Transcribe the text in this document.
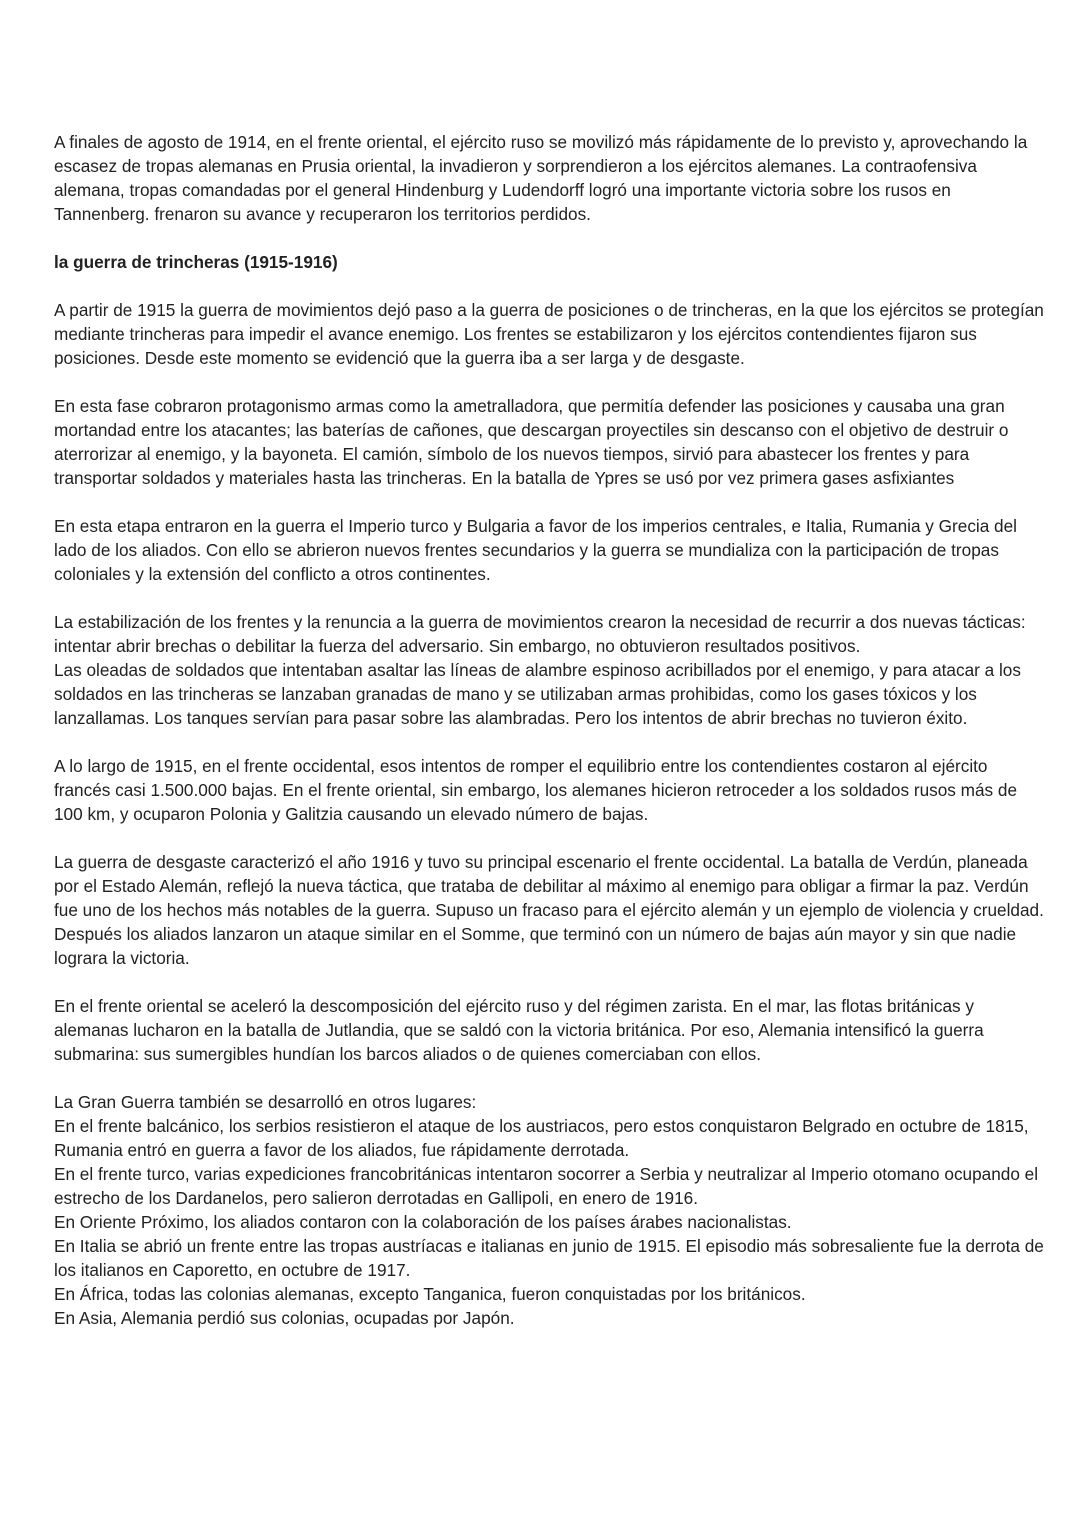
A finales de agosto de 1914, en el frente oriental, el ejército ruso se movilizó más rápidamente de lo previsto y, aprovechando la escasez de tropas alemanas en Prusia oriental, la invadieron y sorprendieron a los ejércitos alemanes. La contraofensiva alemana, tropas comandadas por el general Hindenburg y Ludendorff logró una importante victoria sobre los rusos en Tannenberg. frenaron su avance y recuperaron los territorios perdidos.

la guerra de trincheras (1915-1916)

A partir de 1915 la guerra de movimientos dejó paso a la guerra de posiciones o de trincheras, en la que los ejércitos se protegían mediante trincheras para impedir el avance enemigo. Los frentes se estabilizaron y los ejércitos contendientes fijaron sus posiciones. Desde este momento se evidenció que la guerra iba a ser larga y de desgaste.

En esta fase cobraron protagonismo armas como la ametralladora, que permitía defender las posiciones y causaba una gran mortandad entre los atacantes; las baterías de cañones, que descargan proyectiles sin descanso con el objetivo de destruir o aterrorizar al enemigo, y la bayoneta. El camión, símbolo de los nuevos tiempos, sirvió para abastecer los frentes y para transportar soldados y materiales hasta las trincheras. En la batalla de Ypres se usó por vez primera gases asfixiantes

En esta etapa entraron en la guerra el Imperio turco y Bulgaria a favor de los imperios centrales, e Italia, Rumania y Grecia del lado de los aliados. Con ello se abrieron nuevos frentes secundarios y la guerra se mundializa con la participación de tropas coloniales y la extensión del conflicto a otros continentes.

La estabilización de los frentes y la renuncia a la guerra de movimientos crearon la necesidad de recurrir a dos nuevas tácticas: intentar abrir brechas o debilitar la fuerza del adversario. Sin embargo, no obtuvieron resultados positivos.
Las oleadas de soldados que intentaban asaltar las líneas de alambre espinoso acribillados por el enemigo, y para atacar a los soldados en las trincheras se lanzaban granadas de mano y se utilizaban armas prohibidas, como los gases tóxicos y los lanzallamas. Los tanques servían para pasar sobre las alambradas. Pero los intentos de abrir brechas no tuvieron éxito.

A lo largo de 1915, en el frente occidental, esos intentos de romper el equilibrio entre los contendientes costaron al ejército francés casi 1.500.000 bajas. En el frente oriental, sin embargo, los alemanes hicieron retroceder a los soldados rusos más de 100 km, y ocuparon Polonia y Galitzia causando un elevado número de bajas.

La guerra de desgaste caracterizó el año 1916 y tuvo su principal escenario el frente occidental. La batalla de Verdún, planeada por el Estado Alemán, reflejó la nueva táctica, que trataba de debilitar al máximo al enemigo para obligar a firmar la paz. Verdún fue uno de los hechos más notables de la guerra. Supuso un fracaso para el ejército alemán y un ejemplo de violencia y crueldad. Después los aliados lanzaron un ataque similar en el Somme, que terminó con un número de bajas aún mayor y sin que nadie lograra la victoria.

En el frente oriental se aceleró la descomposición del ejército ruso y del régimen zarista. En el mar, las flotas británicas y alemanas lucharon en la batalla de Jutlandia, que se saldó con la victoria británica. Por eso, Alemania intensificó la guerra submarina: sus sumergibles hundían los barcos aliados o de quienes comerciaban con ellos.

La Gran Guerra también se desarrolló en otros lugares:
En el frente balcánico, los serbios resistieron el ataque de los austriacos, pero estos conquistaron Belgrado en octubre de 1815, Rumania entró en guerra a favor de los aliados, fue rápidamente derrotada.
En el frente turco, varias expediciones francobritánicas intentaron socorrer a Serbia y neutralizar al Imperio otomano ocupando el estrecho de los Dardanelos, pero salieron derrotadas en Gallipoli, en enero de 1916.
En Oriente Próximo, los aliados contaron con la colaboración de los países árabes nacionalistas.
En Italia se abrió un frente entre las tropas austríacas e italianas en junio de 1915. El episodio más sobresaliente fue la derrota de los italianos en Caporetto, en octubre de 1917.
En África, todas las colonias alemanas, excepto Tanganica, fueron conquistadas por los británicos.
En Asia, Alemania perdió sus colonias, ocupadas por Japón.
